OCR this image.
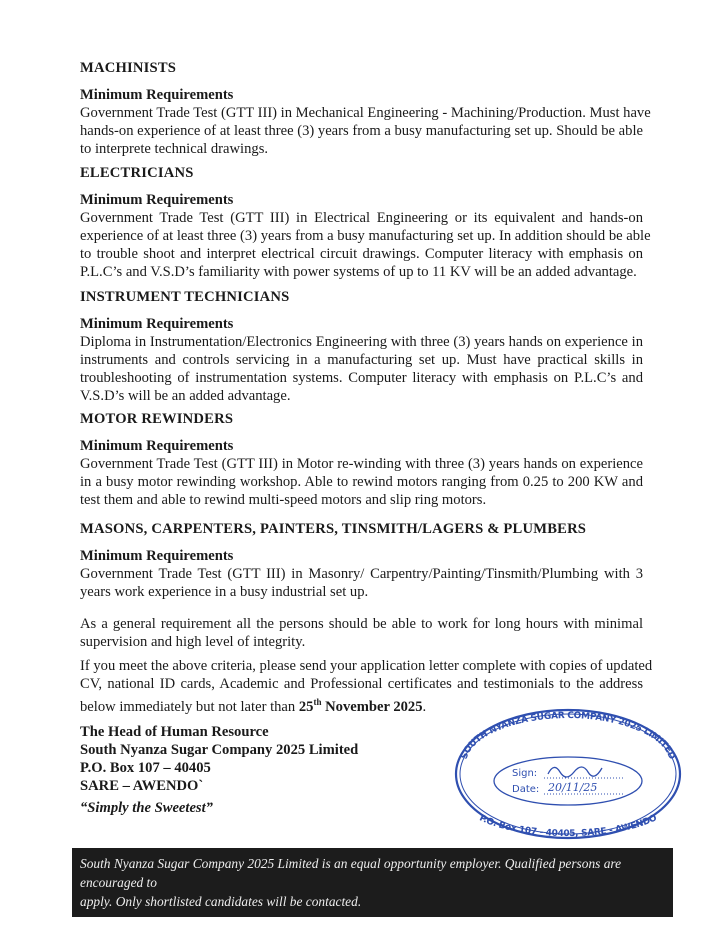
MACHINISTS
Minimum Requirements
Government Trade Test (GTT III) in Mechanical Engineering - Machining/Production. Must have
hands-on experience of at least three (3) years from a busy manufacturing set up. Should be able
to interprete technical drawings.
ELECTRICIANS
Minimum Requirements
Government Trade Test (GTT III) in Electrical Engineering or its equivalent and hands-on
experience of at least three (3) years from a busy manufacturing set up. In addition should be able
to trouble shoot and interpret electrical circuit drawings. Computer literacy with emphasis on
P.L.C’s and V.S.D’s familiarity with power systems of up to 11 KV will be an added advantage.
INSTRUMENT TECHNICIANS
Minimum Requirements
Diploma in Instrumentation/Electronics Engineering with three (3) years hands on experience in
instruments and controls servicing in a manufacturing set up. Must have practical skills in
troubleshooting of instrumentation systems. Computer literacy with emphasis on P.L.C’s and
V.S.D’s will be an added advantage.
MOTOR REWINDERS
Minimum Requirements
Government Trade Test (GTT III) in Motor re-winding with three (3) years hands on experience
in a busy motor rewinding workshop. Able to rewind motors ranging from 0.25 to 200 KW and
test them and able to rewind multi-speed motors and slip ring motors.
MASONS, CARPENTERS, PAINTERS, TINSMITH/LAGERS & PLUMBERS
Minimum Requirements
Government Trade Test (GTT III) in Masonry/ Carpentry/Painting/Tinsmith/Plumbing with 3
years work experience in a busy industrial set up.
As a general requirement all the persons should be able to work for long hours with minimal
supervision and high level of integrity.
If you meet the above criteria, please send your application letter complete with copies of updated
CV, national ID cards, Academic and Professional certificates and testimonials to the address
below immediately but not later than 25th November 2025.
The Head of Human Resource
South Nyanza Sugar Company 2025 Limited
P.O. Box 107 – 40405
SARE – AWENDO`
“Simply the Sweetest”
SOUTH NYANZA SUGAR COMPANY 2025 LIMITED
P.O. Box 107 - 40405, SARE - AWENDO
Sign:
Date: 20/11/25
South Nyanza Sugar Company 2025 Limited is an equal opportunity employer. Qualified persons are encouraged to
apply. Only shortlisted candidates will be contacted.
